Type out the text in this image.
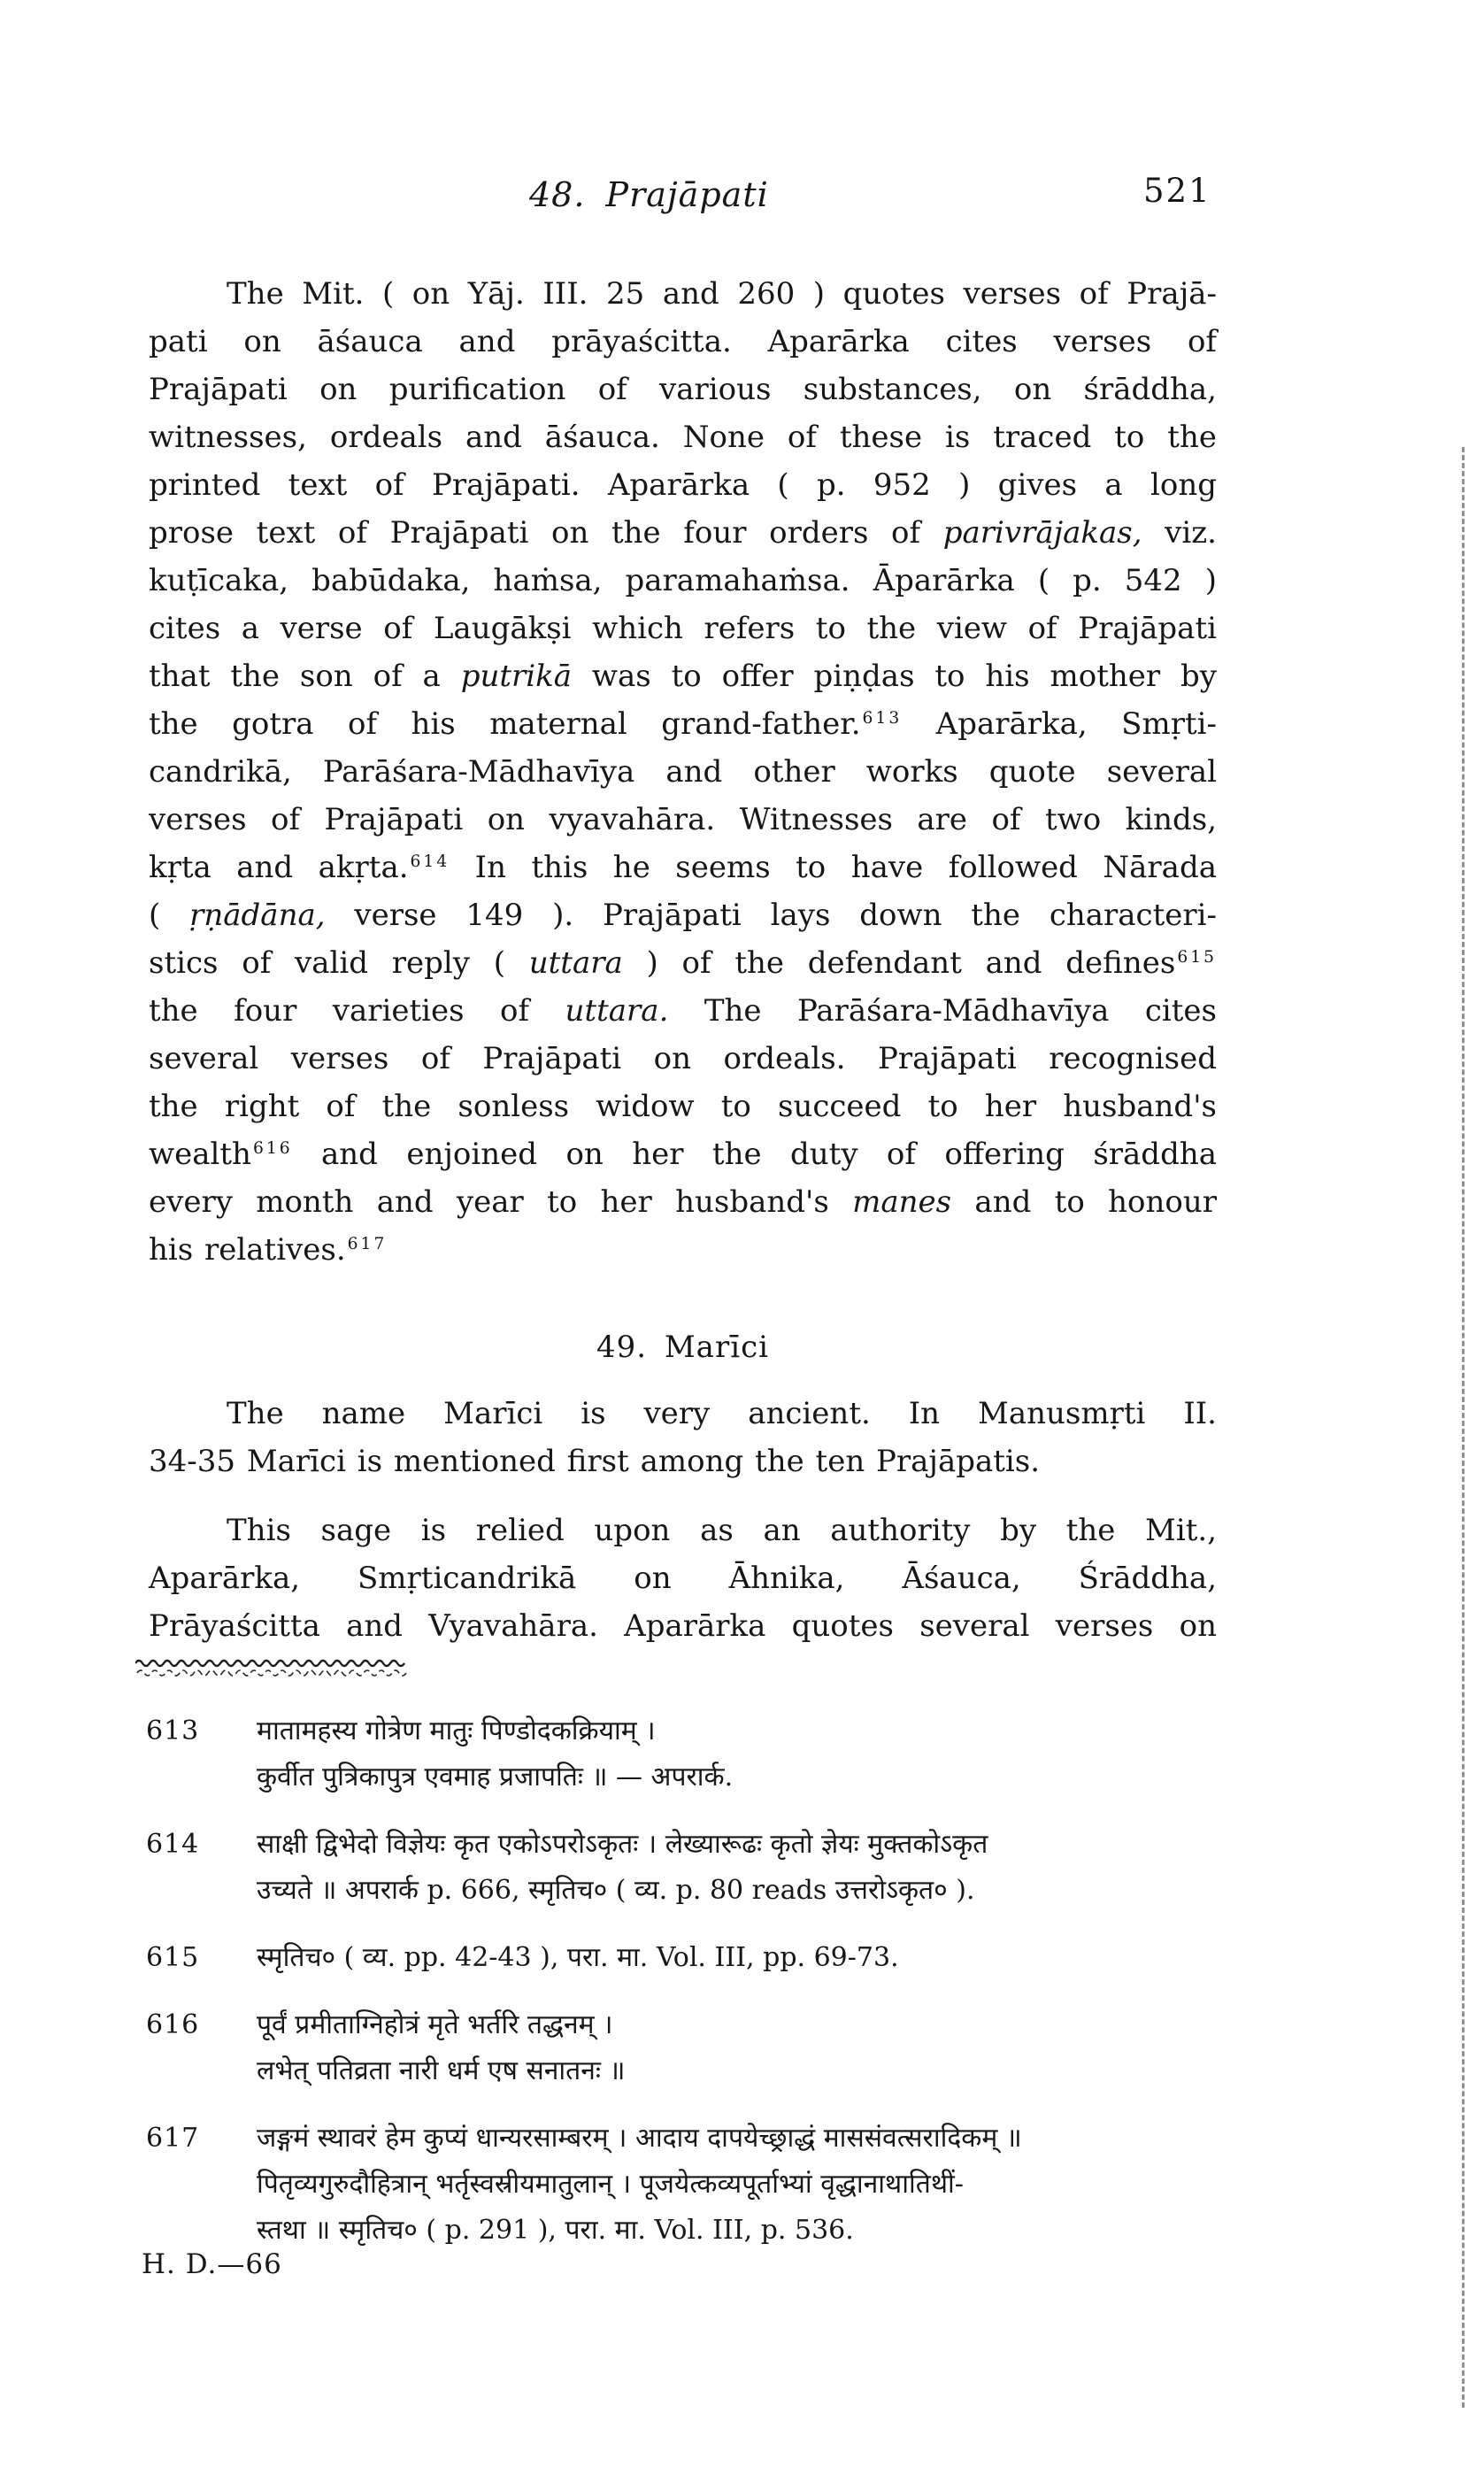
48. Prajāpati	521
The Mit. ( on Yāj. III. 25 and 260 ) quotes verses of Prajā-
pati on āśauca and prāyaścitta. Aparārka cites verses of
Prajāpati on purification of various substances, on śrāddha,
witnesses, ordeals and āśauca. None of these is traced to the
printed text of Prajāpati. Aparārka ( p. 952 ) gives a long
prose text of Prajāpati on the four orders of parivrājakas, viz.
kuṭīcaka, babūdaka, haṁsa, paramahaṁsa. Āparārka ( p. 542 )
cites a verse of Laugākṣi which refers to the view of Prajāpati
that the son of a putrikā was to offer piṇḍas to his mother by
the gotra of his maternal grand-father. $^{613}$ Aparārka, Smṛti-
candrikā, Parāśara-Mādhavīya and other works quote several
verses of Prajāpati on vyavahāra. Witnesses are of two kinds,
kṛta and akṛta. $^{614}$ In this he seems to have followed Nārada
( ṛṇādāna, verse 149 ). Prajāpati lays down the characteri-
stics of valid reply ( uttara ) of the defendant and defines $^{615}$
the four varieties of uttara. The Parāśara-Mādhavīya cites
several verses of Prajāpati on ordeals. Prajāpati recognised
the right of the sonless widow to succeed to her husband's
wealth $^{616}$ and enjoined on her the duty of offering śrāddha
every month and year to her husband's manes and to honour
his relatives. $^{617}$
49. Marīci
The name Marīci is very ancient. In Manusmṛti II.
34-35 Marīci is mentioned first among the ten Prajāpatis.
This sage is relied upon as an authority by the Mit.,
Aparārka, Smṛticandrikā on Āhnika, Āśauca, Śrāddha,
Prāyaścitta and Vyavahāra. Aparārka quotes several verses on
613	मातामहस्य गोत्रेण मातुः पिण्डोदकक्रियाम् ।
कुर्वीत पुत्रिकापुत्र एवमाह प्रजापतिः ॥ — अपरार्क.
614	साक्षी द्विभेदो विज्ञेयः कृत एकोऽपरोऽकृतः । लेख्यारूढः कृतो ज्ञेयः मुक्तकोऽकृत
उच्यते ॥ अपरार्क p. 666, स्मृतिच० ( व्य. p. 80 reads उत्तरोऽकृत० ).
615	स्मृतिच० ( व्य. pp. 42-43 ), परा. मा. Vol. III, pp. 69-73.
616	पूर्वं प्रमीताग्निहोत्रं मृते भर्तरि तद्धनम् ।
लभेत् पतिव्रता नारी धर्म एष सनातनः ॥
617	जङ्गमं स्थावरं हेम कुप्यं धान्यरसाम्बरम् । आदाय दापयेच्छ्राद्धं माससंवत्सरादिकम् ॥
पितृव्यगुरुदौहित्रान् भर्तृस्वस्रीयमातुलान् । पूजयेत्कव्यपूर्ताभ्यां वृद्धानाथातिथीं-
स्तथा ॥ स्मृतिच० ( p. 291 ), परा. मा. Vol. III, p. 536.
H. D.—66
